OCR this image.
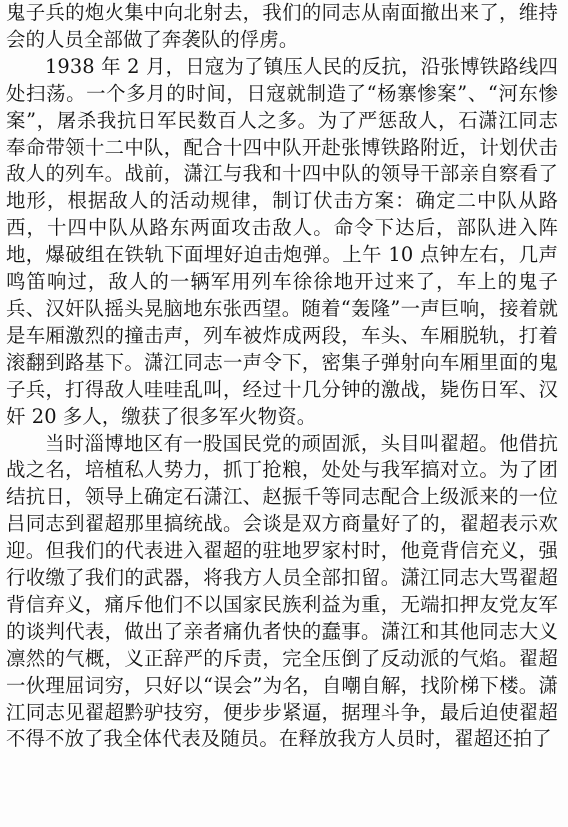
鬼子兵的炮火集中向北射去，我们的同志从南面撤出来了，维持会的人员全部做了奔袭队的俘虏。

1938 年 2 月，日寇为了镇压人民的反抗，沿张博铁路线四处扫荡。一个多月的时间，日寇就制造了“杨寨惨案”、“河东惨案”，屠杀我抗日军民数百人之多。为了严惩敌人，石潇江同志奉命带领十二中队，配合十四中队开赴张博铁路附近，计划伏击敌人的列车。战前，潇江与我和十四中队的领导干部亲自察看了地形，根据敌人的活动规律，制订伏击方案：确定二中队从路西，十四中队从路东两面攻击敌人。命令下达后，部队进入阵地，爆破组在铁轨下面埋好迫击炮弹。上午 10 点钟左右，几声鸣笛响过，敌人的一辆军用列车徐徐地开过来了，车上的鬼子兵、汉奸队摇头晃脑地东张西望。随着“轰隆”一声巨响，接着就是车厢激烈的撞击声，列车被炸成两段，车头、车厢脱轨，打着滚翻到路基下。潇江同志一声令下，密集子弹射向车厢里面的鬼子兵，打得敌人哇哇乱叫，经过十几分钟的激战，毙伤日军、汉奸 20 多人，缴获了很多军火物资。

当时淄博地区有一股国民党的顽固派，头目叫翟超。他借抗战之名，培植私人势力，抓丁抢粮，处处与我军搞对立。为了团结抗日，领导上确定石潇江、赵振千等同志配合上级派来的一位吕同志到翟超那里搞统战。会谈是双方商量好了的，翟超表示欢迎。但我们的代表进入翟超的驻地罗家村时，他竟背信充义，强行收缴了我们的武器，将我方人员全部扣留。潇江同志大骂翟超背信弃义，痛斥他们不以国家民族利益为重，无端扣押友党友军的谈判代表，做出了亲者痛仇者快的蠢事。潇江和其他同志大义凛然的气概，义正辞严的斥责，完全压倒了反动派的气焰。翟超一伙理屈词穷，只好以“误会”为名，自嘲自解，找阶梯下楼。潇江同志见翟超黔驴技穷，便步步紧逼，据理斗争，最后迫使翟超不得不放了我全体代表及随员。在释放我方人员时，翟超还拍了
